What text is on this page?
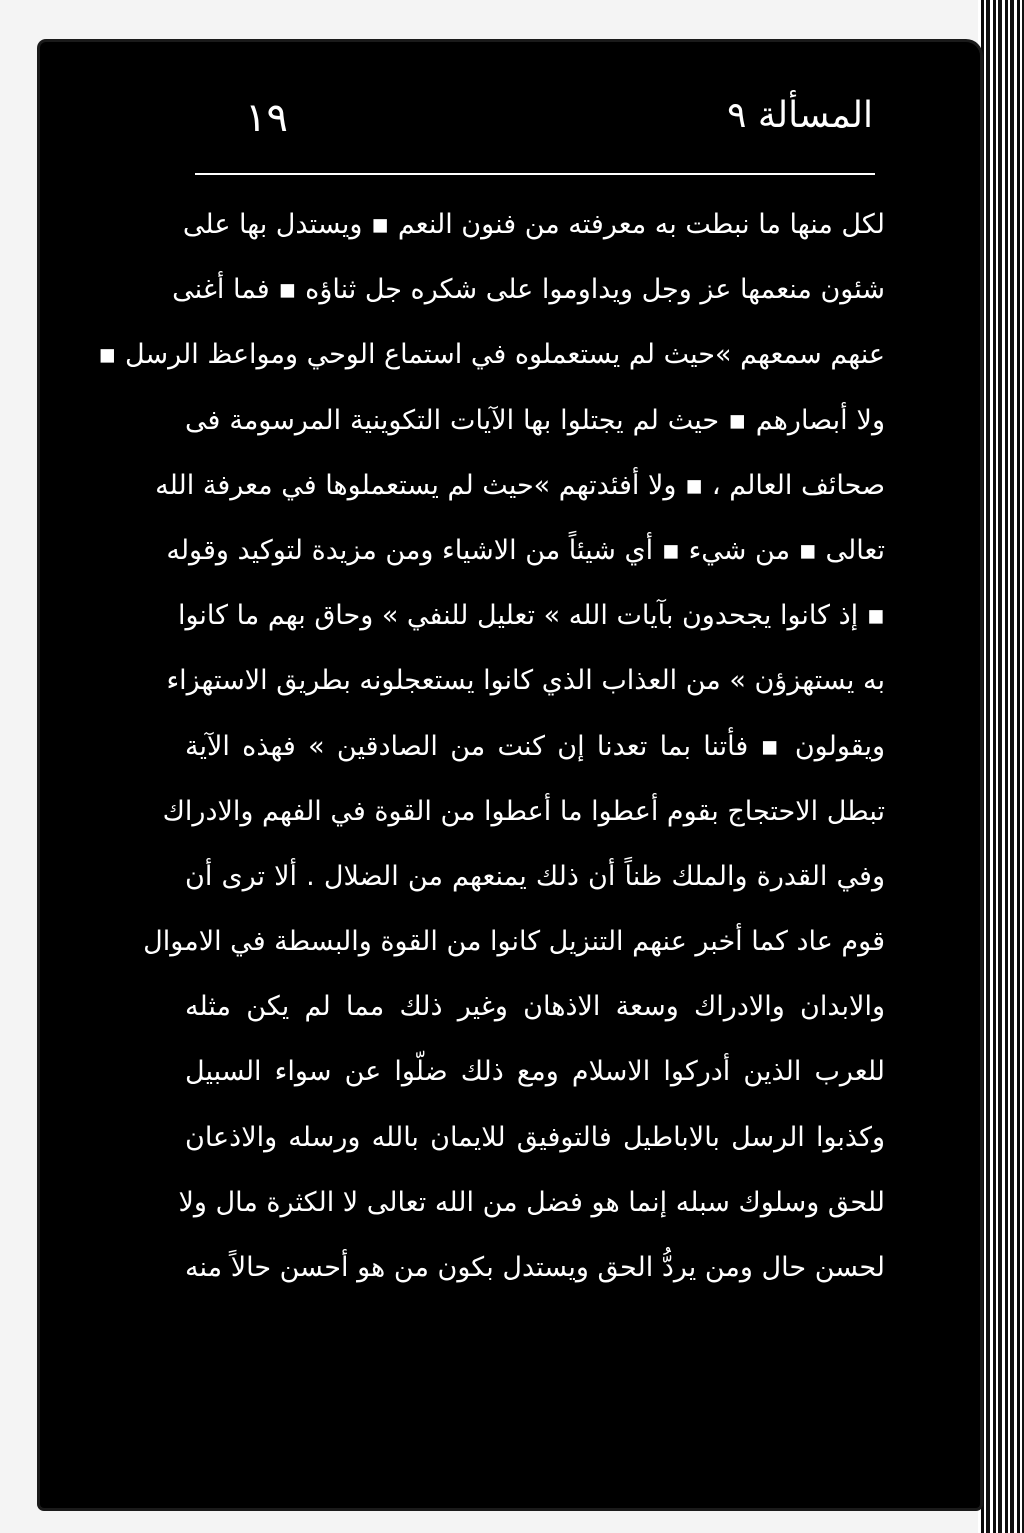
المسألة ٩
١٩
لكل منها ما نبطت به معرفته من فنون النعم ▪ ويستدل بها على
شئون منعمها عز وجل ويداوموا على شكره جل ثناؤه ▪ فما أغنى
عنهم سمعهم »حيث لم يستعملوه في استماع الوحي ومواعظ الرسل ▪
ولا أبصارهم ▪ حيث لم يجتلوا بها الآيات التكوينية المرسومة فى
صحائف العالم ، ▪ ولا أفئدتهم »حيث لم يستعملوها في معرفة الله
تعالى ▪ من شيء ▪ أي شيئاً من الاشياء ومن مزيدة لتوكيد وقوله
▪ إذ كانوا يجحدون بآيات الله » تعليل للنفي » وحاق بهم ما كانوا
به يستهزؤن » من العذاب الذي كانوا يستعجلونه بطريق الاستهزاء
ويقولون ▪ فأتنا بما تعدنا إن كنت من الصادقين » فهذه الآية
تبطل الاحتجاج بقوم أعطوا ما أعطوا من القوة في الفهم والادراك
وفي القدرة والملك ظناً أن ذلك يمنعهم من الضلال . ألا ترى أن
قوم عاد كما أخبر عنهم التنزيل كانوا من القوة والبسطة في الاموال
والابدان والادراك وسعة الاذهان وغير ذلك مما لم يكن مثله
للعرب الذين أدركوا الاسلام ومع ذلك ضلّوا عن سواء السبيل
وكذبوا الرسل بالاباطيل فالتوفيق للايمان بالله ورسله والاذعان
للحق وسلوك سبله إنما هو فضل من الله تعالى لا الكثرة مال ولا
لحسن حال ومن يردُّ الحق ويستدل بكون من هو أحسن حالاً منه
